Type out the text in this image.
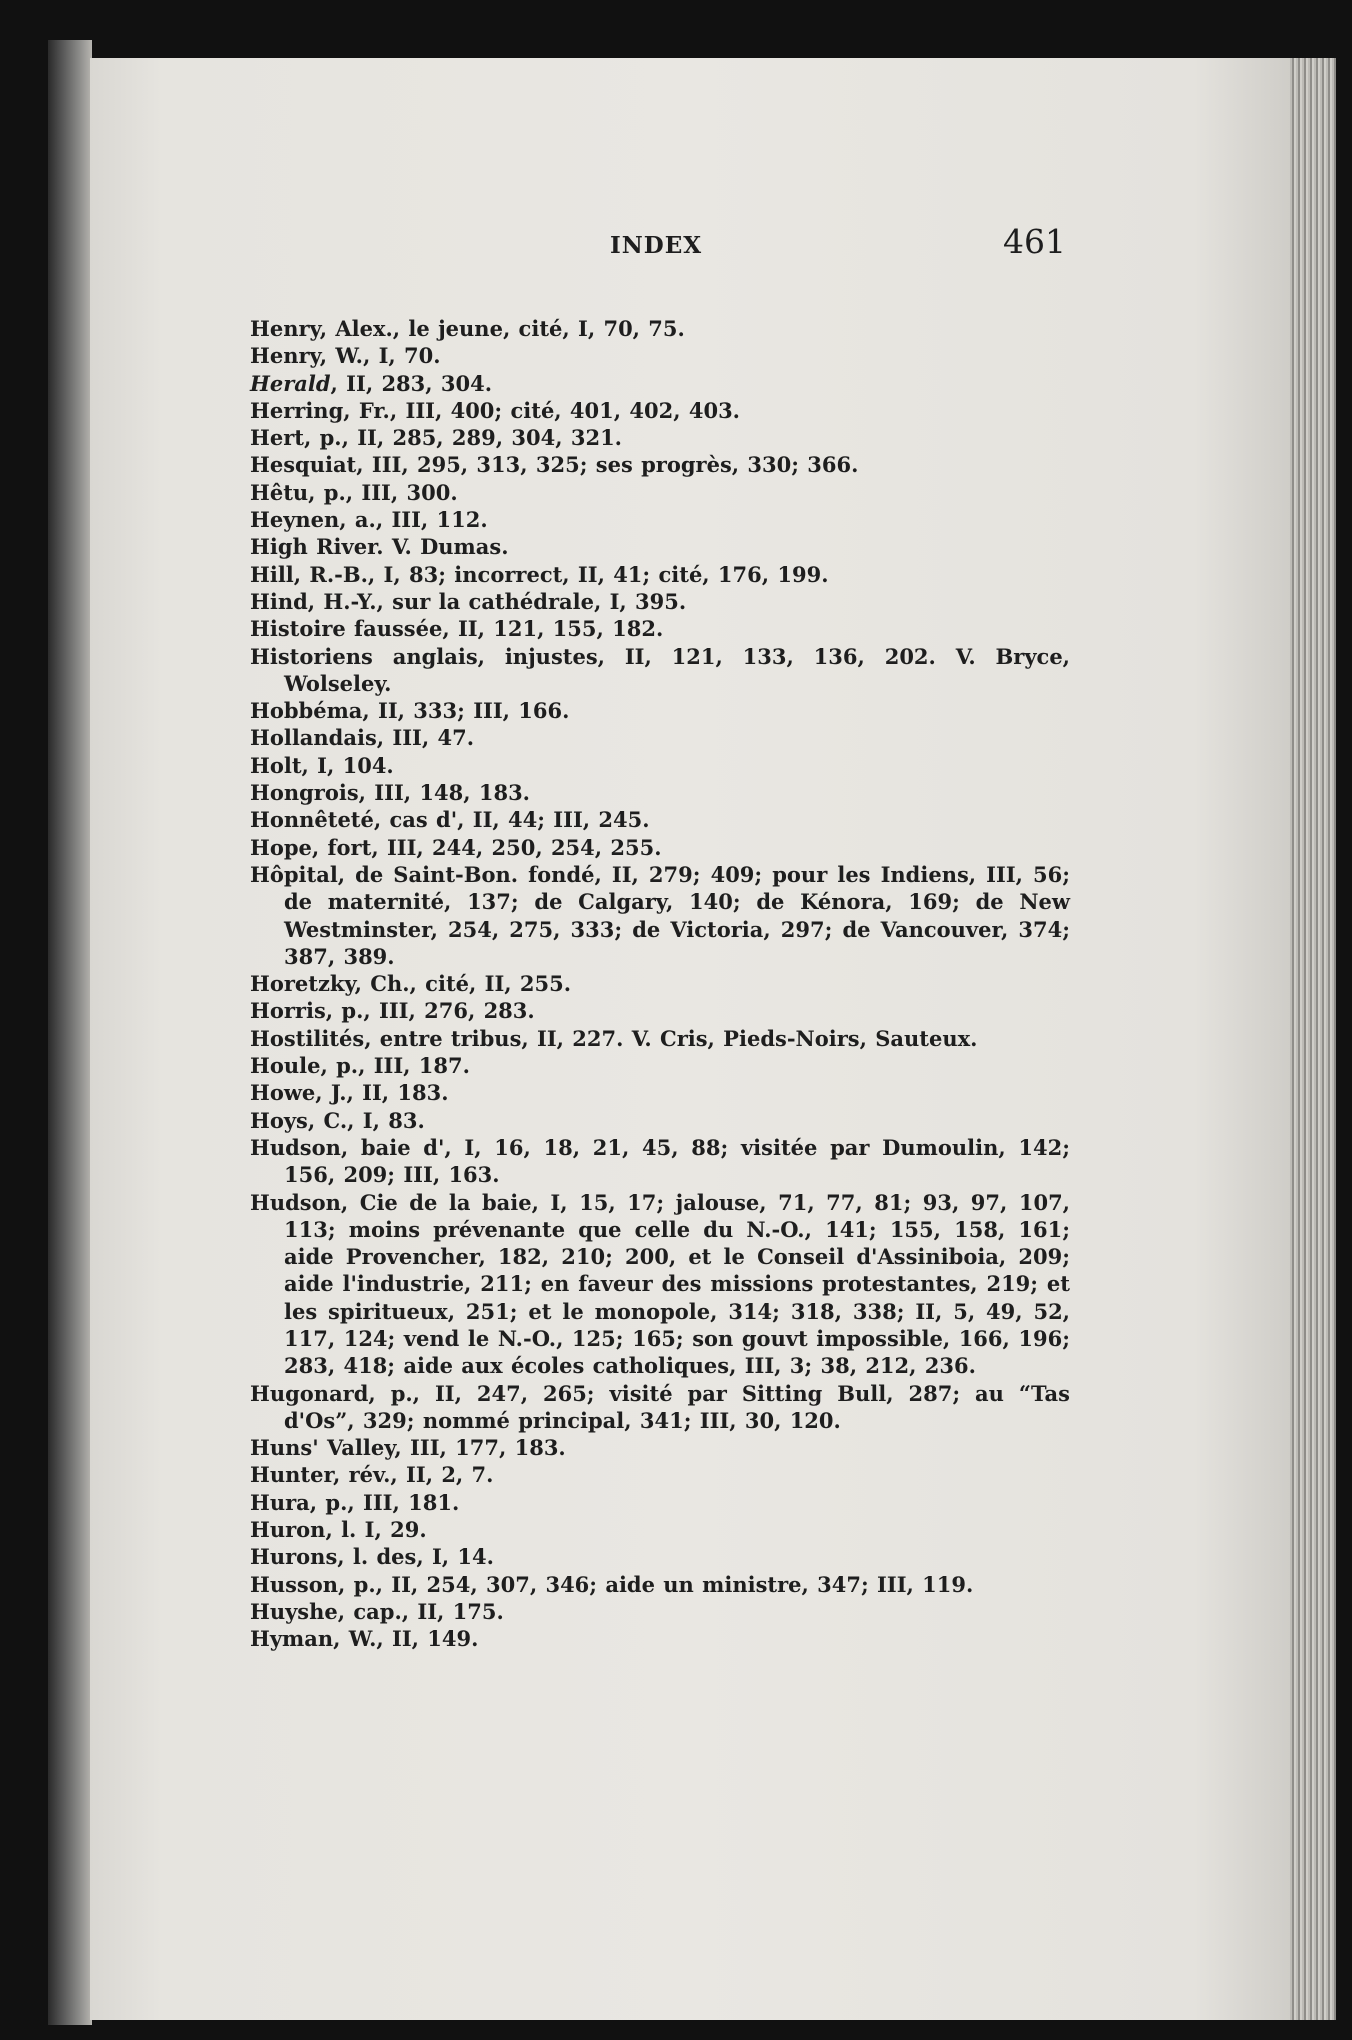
INDEX	461
Henry, Alex., le jeune, cité, I, 70, 75.
Henry, W., I, 70.
Herald, II, 283, 304.
Herring, Fr., III, 400; cité, 401, 402, 403.
Hert, p., II, 285, 289, 304, 321.
Hesquiat, III, 295, 313, 325; ses progrès, 330; 366.
Hêtu, p., III, 300.
Heynen, a., III, 112.
High River. V. Dumas.
Hill, R.-B., I, 83; incorrect, II, 41; cité, 176, 199.
Hind, H.-Y., sur la cathédrale, I, 395.
Histoire faussée, II, 121, 155, 182.
Historiens anglais, injustes, II, 121, 133, 136, 202. V. Bryce, Wolseley.
Hobbéma, II, 333; III, 166.
Hollandais, III, 47.
Holt, I, 104.
Hongrois, III, 148, 183.
Honnêteté, cas d', II, 44; III, 245.
Hope, fort, III, 244, 250, 254, 255.
Hôpital, de Saint-Bon. fondé, II, 279; 409; pour les Indiens, III, 56; de maternité, 137; de Calgary, 140; de Kénora, 169; de New Westminster, 254, 275, 333; de Victoria, 297; de Vancouver, 374; 387, 389.
Horetzky, Ch., cité, II, 255.
Horris, p., III, 276, 283.
Hostilités, entre tribus, II, 227. V. Cris, Pieds-Noirs, Sauteux.
Houle, p., III, 187.
Howe, J., II, 183.
Hoys, C., I, 83.
Hudson, baie d', I, 16, 18, 21, 45, 88; visitée par Dumoulin, 142; 156, 209; III, 163.
Hudson, Cie de la baie, I, 15, 17; jalouse, 71, 77, 81; 93, 97, 107, 113; moins prévenante que celle du N.-O., 141; 155, 158, 161; aide Provencher, 182, 210; 200, et le Conseil d'Assiniboia, 209; aide l'industrie, 211; en faveur des missions protestantes, 219; et les spiritueux, 251; et le monopole, 314; 318, 338; II, 5, 49, 52, 117, 124; vend le N.-O., 125; 165; son gouvt impossible, 166, 196; 283, 418; aide aux écoles catholiques, III, 3; 38, 212, 236.
Hugonard, p., II, 247, 265; visité par Sitting Bull, 287; au “Tas d'Os”, 329; nommé principal, 341; III, 30, 120.
Huns' Valley, III, 177, 183.
Hunter, rév., II, 2, 7.
Hura, p., III, 181.
Huron, l. I, 29.
Hurons, l. des, I, 14.
Husson, p., II, 254, 307, 346; aide un ministre, 347; III, 119.
Huyshe, cap., II, 175.
Hyman, W., II, 149.
